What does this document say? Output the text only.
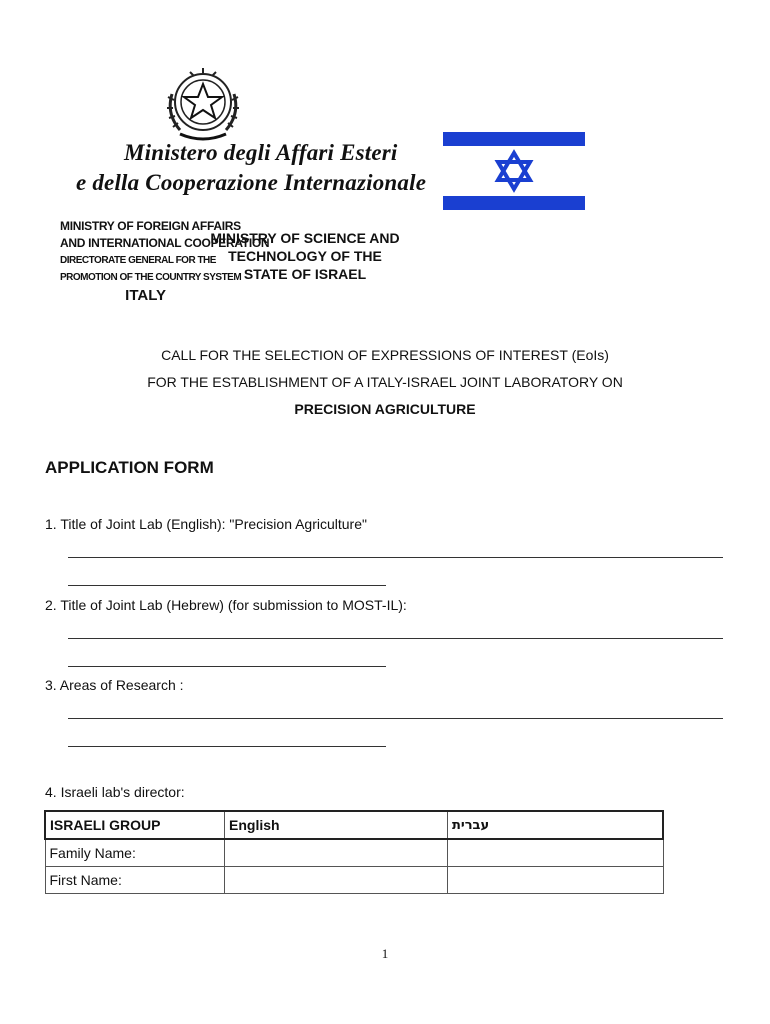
Ministero degli Affari Esteri
e della Cooperazione Internazionale
MINISTRY OF FOREIGN AFFAIRS
AND INTERNATIONAL COOPERATION
DIRECTORATE GENERAL FOR THE
PROMOTION OF THE COUNTRY SYSTEM
ITALY
MINISTRY OF SCIENCE AND
TECHNOLOGY OF THE
STATE OF ISRAEL
CALL FOR THE SELECTION OF EXPRESSIONS OF INTEREST (EoIs)
FOR THE ESTABLISHMENT OF A ITALY-ISRAEL JOINT LABORATORY ON
PRECISION AGRICULTURE
APPLICATION FORM
1. Title of Joint Lab (English): "Precision Agriculture"
2. Title of Joint Lab (Hebrew) (for submission to MOST-IL):
3. Areas of Research :
4. Israeli lab's director:
ISRAELI GROUP	English	עברית
Family Name:		
First Name:		
1
